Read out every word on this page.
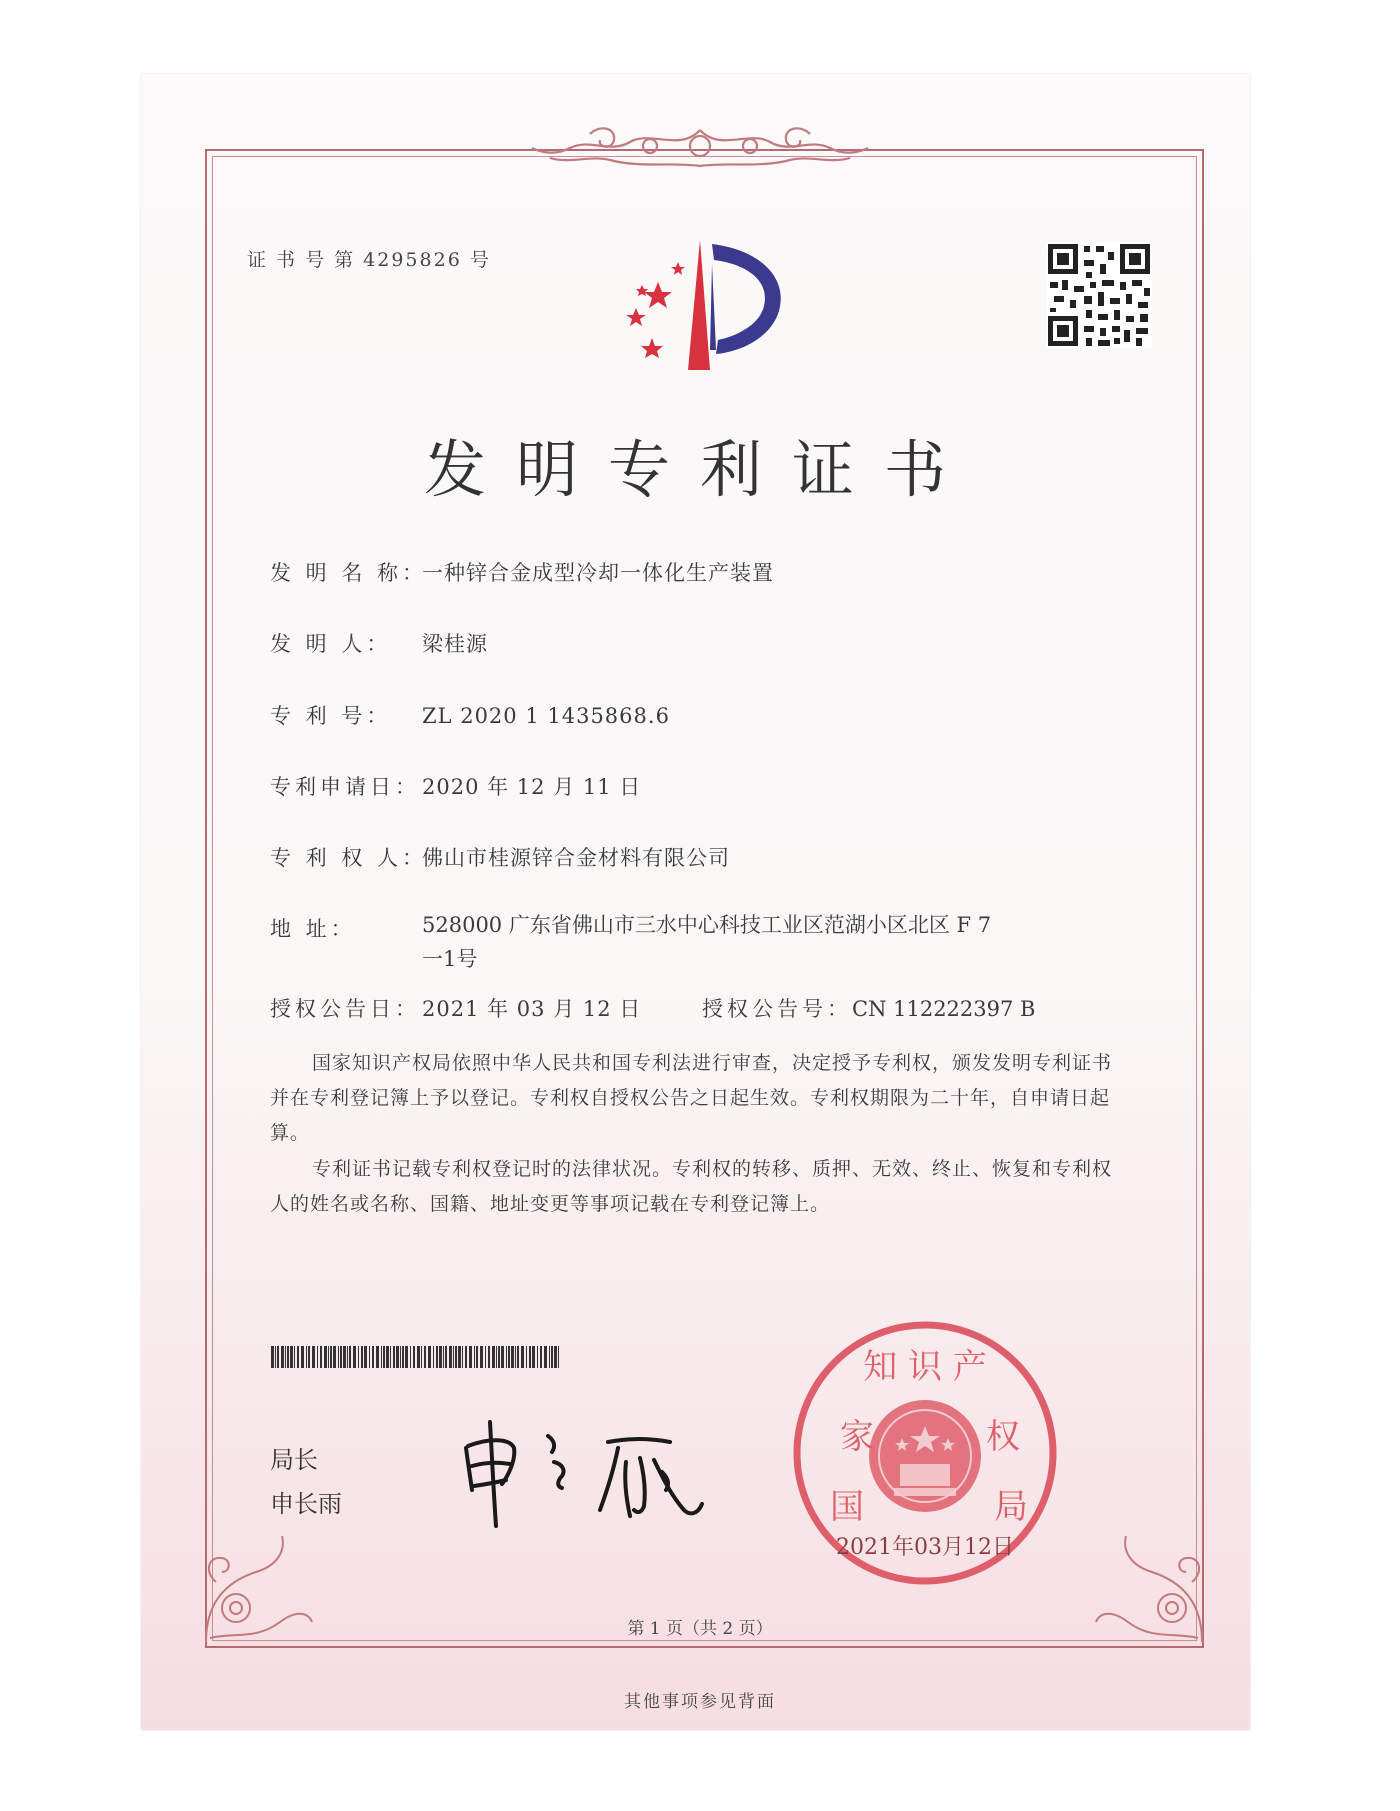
证 书 号 第 4295826 号
发明专利证书
发 明 名 称：一种锌合金成型冷却一体化生产装置
发 明 人： 梁桂源
专 利 号： ZL 2020 1 1435868.6
专利申请日：2020 年 12 月 11 日
专 利 权 人：佛山市桂源锌合金材料有限公司
地 址：	528000 广东省佛山市三水中心科技工业区范湖小区北区 F 7一1号
授权公告日：2021 年 03 月 12 日	授权公告号：CN 112222397 B
国家知识产权局依照中华人民共和国专利法进行审查，决定授予专利权，颁发发明专利证书并在专利登记簿上予以登记。专利权自授权公告之日起生效。专利权期限为二十年，自申请日起算。
专利证书记载专利权登记时的法律状况。专利权的转移、质押、无效、终止、恢复和专利权人的姓名或名称、国籍、地址变更等事项记载在专利登记簿上。
局长
申长雨
知 识 产
家
国
权
局
2021年03月12日
第 1 页（共 2 页）
其他事项参见背面
